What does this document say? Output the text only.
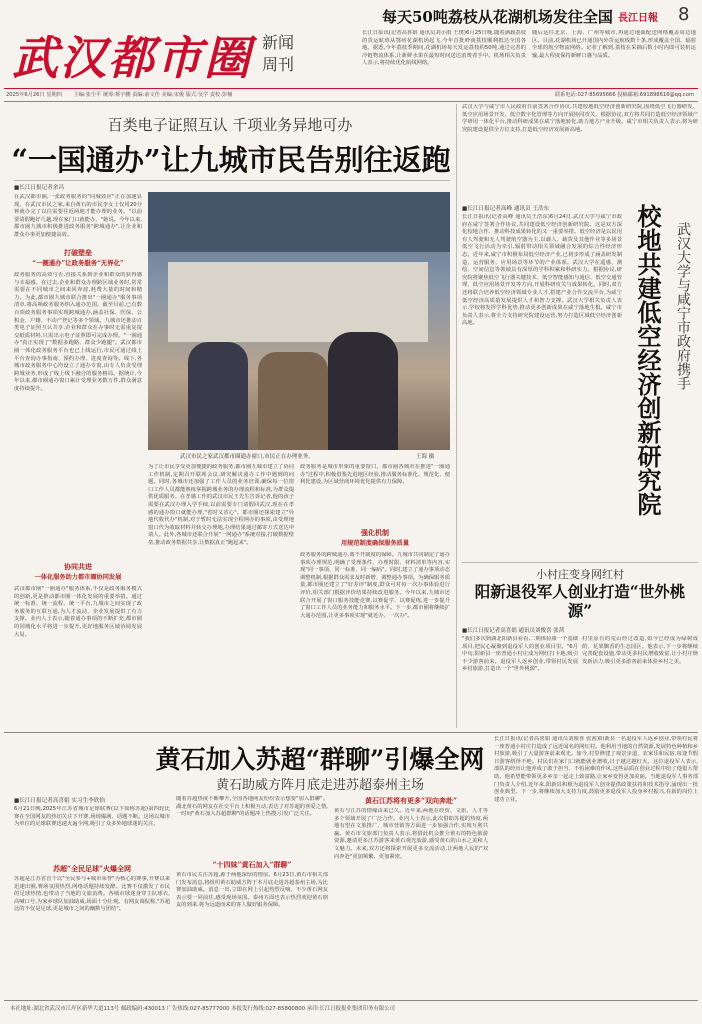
每天50吨荔枝从花湖机场发往全国 長江日報 8
武汉都市圈 新闻
周刊
长江日报讯(记者高喜娟 通讯员刘小雨 王璞)6月25日晚,随着满载荔枝的货运航班从鄂州花湖机场起飞,今年首批岭南荔枝顺利抵达全国各地。据悉,今年荔枝季期间,花湖机场每天发运荔枝约50吨,通过完善的冷链物流体系,让新鲜水果在最短时间送达消费者手中。机场相关负责人表示,将持续优化航线网络。
随后运往北京、上海、广州等城市,再通过地面配送网络覆盖周边地区。目前,花湖机场已开通国内外货运航线数十条,形成覆盖全国、辐射全球的航空物流网络。记者了解到,荔枝在采摘后数小时内即可装机运输,最大程度保持新鲜口感与品质。
2025年6月26日 星期四 主编:张尘平 统筹:蔡宇鹏 责编:俞文佳 美编:宋俊 版式:吴学 责校:彭楠	联系电话:027-85695666 投稿邮箱:691898616@qq.com
百类电子证照互认 千项业务异地可办
“一国通办”让九城市民告别往返跑
■长江日报记者余昌
在武汉都市圈,一张政务服务的"同城效应"正在加速显现。在武汉市民之家,来自黄石的市民李女士仅用20分钟就办完了以往需要往返两地才能办理的业务。"以前要请假跑好几趟,现在家门口就能办。"她说。今年以来,都市圈九城市积极推进政务服务"跨城通办",让企业和群众办事更加便捷高效。
打破壁垒
“一圈通办”让政务服务“无界化”
政务服务的高效与否,直接关系到企业和群众的获得感与幸福感。在过去,企业和群众办理跨区域业务时,常常需要在不同城市之间来回奔波,耗费大量的时间和精力。为此,都市圈九城市联合推出"一圈通办"服务事项清单,将高频政务服务纳入通办范围。截至目前,已有数百项政务服务事项实现跨城通办,涵盖社保、医保、公积金、户籍、不动产登记等多个领域。九城市还推动百类电子证照互认共享,企业和群众在办事时无需重复提交纸质材料,只需出示电子证照即可完成办理。"一圈通办"真正实现了"数据多跑路、群众少跑腿"。武汉都市圈一体化政务服务平台也已上线运行,市民可通过线上平台查询办事指南、预约办理、进度查询等。线下,各城市政务服务中心均设立了通办专窗,由专人负责受理跨城业务,形成了线上线下融合的服务格局。据统计,今年以来,都市圈通办窗口累计受理业务数万件,群众满意度持续提升。
协同共进
一体化服务助力都市圈协同发展
武汉都市圈"一圈通办"服务体系,不仅是政务服务模式的创新,更是推动都市圈一体化发展的重要举措。通过统一标准、统一流程、统一平台,九城市之间实现了政务服务的互联互通,为人才流动、企业发展提供了有力支撑。业内人士表示,随着通办事项的不断扩充,都市圈的同城化水平将进一步提升,更好地服务区域协调发展大局。
武汉市民之家武汉都市圈通办窗口,市民正在办理业务。	王海 摄
为了让市民享受更加便捷的政务服务,都市圈九城市建立了协同工作机制,定期召开联席会议,研究解决通办工作中遇到的问题。同时,各城市还加强了工作人员的业务培训,确保每一位窗口工作人员都能熟练掌握跨城业务的办理流程和标准,为群众提供优质服务。在孝感工作的武汉市民王先生告诉记者,他的孩子需要在武汉办理入学手续,以前需要专门请假回武汉,现在在孝感的通办窗口就能办理,"省时又省心"。都市圈还探索建立"异地代收代办"机制,对于暂时无法实现全程网办的事项,由受理地窗口代为收取材料并转交办理地,办理结果通过邮寄方式送达申请人。此外,各城市还联合开展"一网通办"系统对接,打破数据壁垒,推动政务数据共享,让数据真正"跑起来"。
政务服务是城市形象的重要窗口。都市圈各城市在推进"一圈通办"过程中,积极借鉴先进地区经验,推动服务标准化、规范化、便利化建设,为区域营商环境优化提供有力保障。
强化机制
用规范制度确保服务质量
政务服务的跨城通办,离不开制度的保障。九城市共同制定了通办事项办理规范,明确了受理条件、办理时限、材料清单等内容,实现"同一事项、同一标准、同一编码"。同时,建立了通办事项动态调整机制,根据群众需求及时新增、调整通办事项。为确保服务质量,都市圈还建立了"好差评"制度,群众可对每一次办事体验进行评价,相关部门根据评价结果持续改进服务。今年以来,九城市还联合开展了窗口服务技能竞赛,以赛促学、以赛促练,进一步提升了窗口工作人员的业务能力和服务水平。下一步,都市圈将继续扩大通办范围,让更多事项实现"就近办、一次办"。
武汉大学与咸宁市人民政府日前签署合作协议,共建校地低空经济创新研究院,围绕低空飞行器研发、低空应用场景开发、低空数字化管理等方向开展协同攻关。根据协议,双方将共同打造低空经济领域产学研用一体化平台,推动科研成果在咸宁落地转化,助力地方产业升级。咸宁市相关负责人表示,将为研究院建设提供全方位支持,打造低空经济发展新高地。
校地共建低空经济创新研究院 武汉大学与咸宁市政府携手
■长江日报记者高峰 通讯员 王浩东
长江日报讯(记者高峰 通讯员王浩东)6月24日,武汉大学与咸宁市政府在咸宁签署合作协议,共同建设低空经济创新研究院。这是双方深化校地合作、推动科技成果转化的又一重要举措。低空经济是以民用有人驾驶和无人驾驶航空器为主,以载人、载货及其他作业等多场景低空飞行活动为牵引,辐射带动相关领域融合发展的综合性经济形态。近年来,咸宁市积极布局低空经济产业,已初步形成了涵盖研发制造、运营服务、应用场景等环节的产业体系。武汉大学在遥感、测绘、空间信息等领域具有深厚的学科积累和科研实力。根据协议,研究院将聚焦低空飞行器关键技术、低空智能感知与通信、低空交通管理、低空应用场景开发等方向,开展科研攻关与成果转化。同时,双方还将联合培养低空经济领域专业人才,搭建产业合作交流平台,为咸宁低空经济高质量发展提供人才和智力支撑。武汉大学相关负责人表示,学校将发挥学科优势,推动更多创新成果在咸宁落地生根。咸宁市负责人表示,将全力支持研究院建设运营,努力打造区域低空经济创新高地。
小村庄变身网红村
阳新退役军人创业打造“世外桃源”
■长江日报记者高喜娟 通讯员刘俊喜 张茜
"我们多次到湖北阳新县看看,二期体验康一个基础项目,把民心凝聚到退役军人的创业项目里。"6月中旬,阳新县一座普通小村庄成为网红打卡地,吸引不少游客前来。退役军人返乡创业,带领村民发展乡村旅游,打造出一个"世外桃源"。
村里原有的荒山经过改造,如今已经成为绿树成荫、花果飘香的生态园区。他表示,下一步将继续完善配套设施,带动更多村民增收致富,让小村庄焕发新活力,吸引更多游客前来体验乡村之美。
黄石加入苏超“群聊”引爆全网
黄石助威方阵月底走进苏超泰州主场
■长江日报记者高喜娟 实习生李欣怡
6月21日晚,2025年江苏省城市足球联赛(以下简称苏超)第四轮比赛在全国网友的热切关注下开赛,场场爆满、话题不断。这场以城市为单位的足球联赛迅速火遍全网,吸引了众多外地球迷的关注。
苏超“全民足球”火爆全网
苏超是江苏省首个以"全民参与+城市荣誉"为核心的赛事,开赛以来迅速出圈,赛场氛围热烈,网络话题持续发酵。比赛不仅激发了市民的足球热情,也带动了当地的文旅消费。各城市球迷身穿主队球衣,高喊口号,为家乡球队加油助威,场面十分壮观。有网友调侃称,"苏超比的不仅是足球,更是城市之间的幽默与团结"。
随着苏超热度不断攀升,全国各地网友纷纷表示想要"加入群聊"。湖北黄石的网友在社交平台上积极互动,表达了对苏超的喜爱之情,一时间"黄石加入苏超群聊"的话题冲上热搜,引发广泛关注。
“十四妹”黄石加入“群聊”
黄石市民关注苏超,源于两地深厚的情谊。6月23日,黄石市相关部门发布消息,将组织黄石助威方阵于本月底走进苏超泰州主场,为比赛加油助威。消息一出,立即在网上引起热烈反响。不少黄石网友表示要一同前往,感受现场氛围。泰州方面也表示热烈欢迎黄石朋友的到来,将为远道而来的客人做好服务保障。
黄石江苏将有更多“双向奔赴”
黄石与江苏的情缘由来已久。近年来,两地在经贸、文旅、人才等多个领域开展了广泛合作。业内人士表示,此次借助苏超的热度,两地有望在文旅推广、城市营销等方面进一步加强合作,实现互利共赢。黄石市文旅部门负责人表示,将借此机会推介黄石的特色旅游资源,邀请更多江苏游客来黄石观光旅游,感受黄石的山水之美和人文魅力。未来,双方还将探索开展更多交流活动,让两地人民的"双向奔赴"更加频繁、更加紧密。
长江日报讯(记者高喜娟 通讯员刘俊喜 张茜)阳新县一名退役军人返乡创业,带领村民将一座普通小村庄打造成了远近闻名的网红村。他利用当地的自然资源,发展特色种植和乡村旅游,吸引了大量游客前来观光。如今,村里修建了观景步道、农家乐和民宿,每逢节假日游客络绎不绝。村民们在家门口就能就业增收,日子越过越红火。这位退役军人表示,部队的经历让他养成了敢于担当、不怕困难的作风,这些品质在创业过程中给了他很大帮助。他希望能带领更多乡亲一起走上致富路,让家乡变得更加美丽。当地退役军人事务部门负责人介绍,近年来,阳新县积极为退役军人创业提供政策扶持和技术指导,涌现出一批创业典型。下一步,将继续加大支持力度,鼓励更多退役军人投身乡村振兴,在新的岗位上建功立业。
本社地址:湖北省武汉市江岸区新华大道113号 邮政编码:430013 广告热线:027-85777000 本报发行热线:027-85800800 承印:长江日报报业集团印务有限公司
